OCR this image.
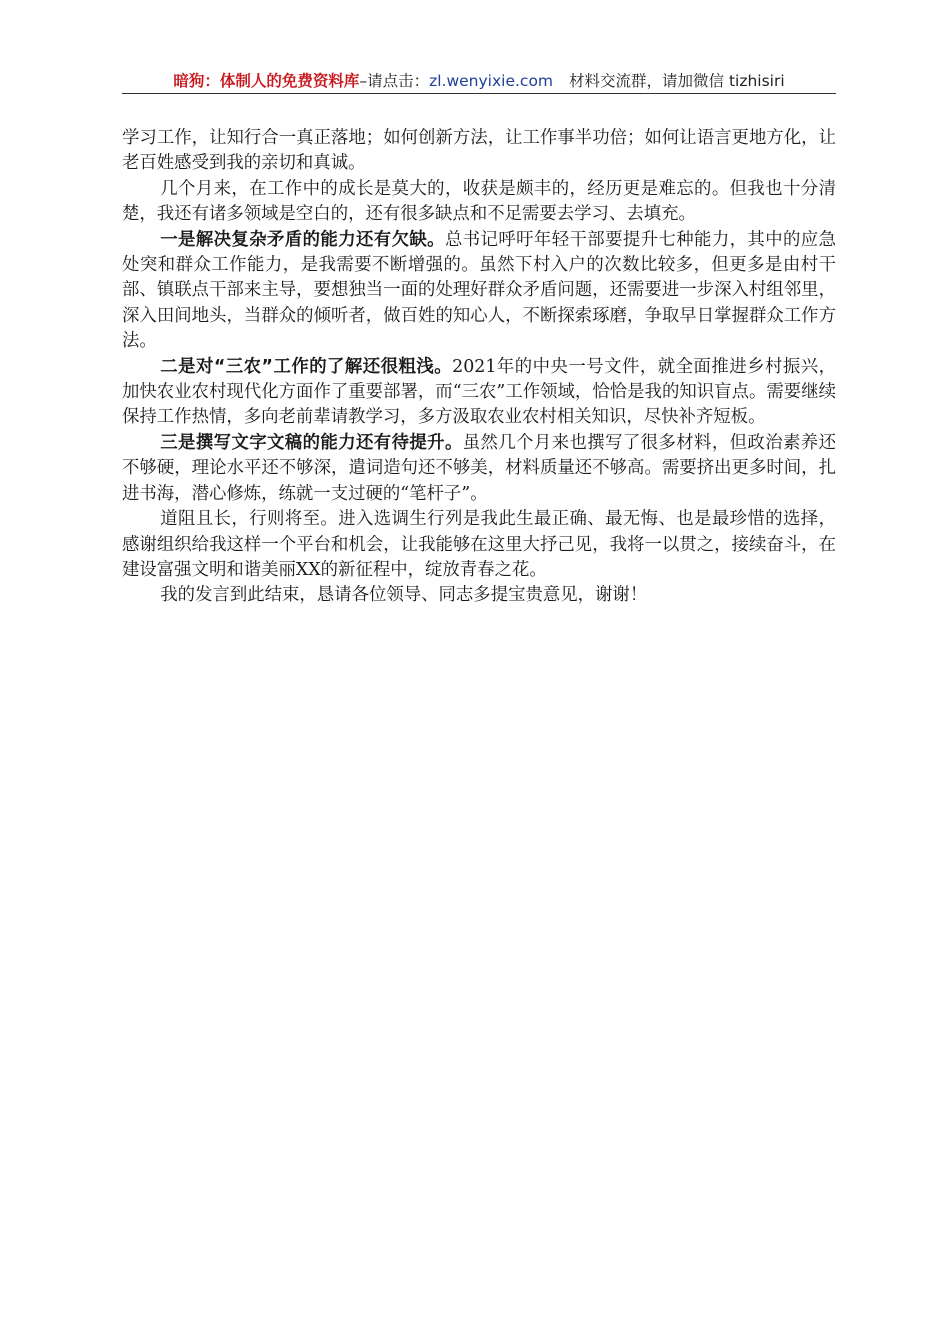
暗狗：体制人的免费资料库–请点击：zl.wenyixie.com 材料交流群，请加微信 tizhisiri

学习工作，让知行合一真正落地；如何创新方法，让工作事半功倍；如何让语言更地方化，让老百姓感受到我的亲切和真诚。

几个月来，在工作中的成长是莫大的，收获是颇丰的，经历更是难忘的。但我也十分清楚，我还有诸多领域是空白的，还有很多缺点和不足需要去学习、去填充。

一是解决复杂矛盾的能力还有欠缺。总书记呼吁年轻干部要提升七种能力，其中的应急处突和群众工作能力，是我需要不断增强的。虽然下村入户的次数比较多，但更多是由村干部、镇联点干部来主导，要想独当一面的处理好群众矛盾问题，还需要进一步深入村组邻里，深入田间地头，当群众的倾听者，做百姓的知心人，不断探索琢磨，争取早日掌握群众工作方法。

二是对“三农”工作的了解还很粗浅。2021年的中央一号文件，就全面推进乡村振兴，加快农业农村现代化方面作了重要部署，而“三农”工作领域，恰恰是我的知识盲点。需要继续保持工作热情，多向老前辈请教学习，多方汲取农业农村相关知识，尽快补齐短板。

三是撰写文字文稿的能力还有待提升。虽然几个月来也撰写了很多材料，但政治素养还不够硬，理论水平还不够深，遣词造句还不够美，材料质量还不够高。需要挤出更多时间，扎进书海，潜心修炼，练就一支过硬的“笔杆子”。

道阻且长，行则将至。进入选调生行列是我此生最正确、最无悔、也是最珍惜的选择，感谢组织给我这样一个平台和机会，让我能够在这里大抒己见，我将一以贯之，接续奋斗，在建设富强文明和谐美丽XX的新征程中，绽放青春之花。

我的发言到此结束，恳请各位领导、同志多提宝贵意见，谢谢！
